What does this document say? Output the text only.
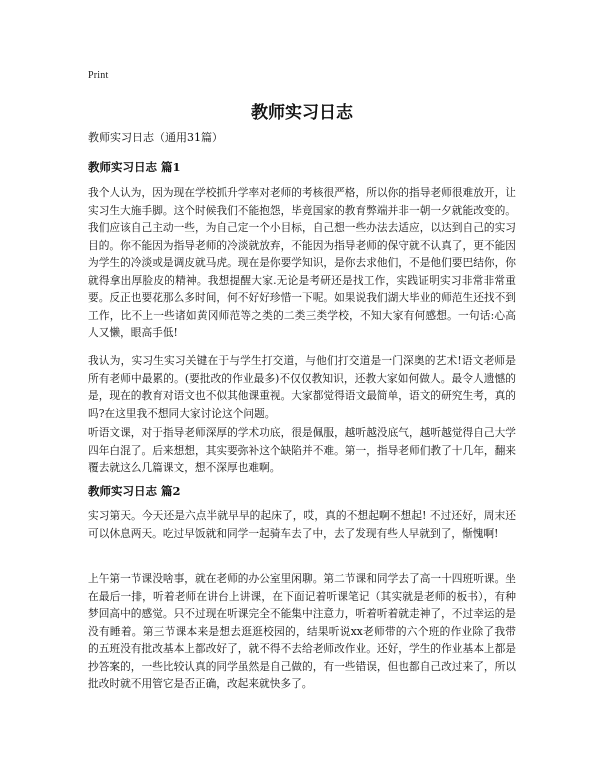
Print
教师实习日志
教师实习日志（通用31篇）
教师实习日志 篇1

我个人认为，因为现在学校抓升学率对老师的考核很严格，所以你的指导老师很难放开，让实习生大施手脚。这个时候我们不能抱怨，毕竟国家的教育弊端并非一朝一夕就能改变的。我们应该自己主动一些，为自己定一个小目标，自己想一些办法去适应，以达到自己的实习目的。你不能因为指导老师的冷淡就放弃，不能因为指导老师的保守就不认真了，更不能因为学生的冷淡或是调皮就马虎。现在是你要学知识，是你去求他们，不是他们要巴结你，你就得拿出厚脸皮的精神。我想提醒大家.无论是考研还是找工作，实践证明实习非常非常重要。反正也要花那么多时间，何不好好珍惜一下呢。如果说我们湖大毕业的师范生还找不到工作，比不上一些诸如黄冈师范等之类的二类三类学校，不知大家有何感想。一句话:心高人又懒，眼高手低!

我认为，实习生实习关键在于与学生打交道，与他们打交道是一门深奥的艺术!语文老师是所有老师中最累的。(要批改的作业最多)不仅仅教知识，还教大家如何做人。最令人遗憾的是，现在的教育对语文也不似其他课重视。大家都觉得语文最简单，语文的研究生考，真的吗?在这里我不想同大家讨论这个问题。

听语文课，对于指导老师深厚的学术功底，很是佩服，越听越没底气，越听越觉得自己大学四年白混了。后来想想，其实要弥补这个缺陷并不难。第一，指导老师们教了十几年，翻来覆去就这么几篇课文，想不深厚也难啊。

教师实习日志 篇2

实习第天。今天还是六点半就早早的起床了，哎，真的不想起啊不想起! 不过还好，周末还可以休息两天。吃过早饭就和同学一起骑车去了中，去了发现有些人早就到了，惭愧啊!

上午第一节课没啥事，就在老师的办公室里闲聊。第二节课和同学去了高一十四班听课。坐在最后一排，听着老师在讲台上讲课，在下面记着听课笔记（其实就是老师的板书），有种梦回高中的感觉。只不过现在听课完全不能集中注意力，听着听着就走神了，不过幸运的是没有睡着。第三节课本来是想去逛逛校园的，结果听说xx老师带的六个班的作业除了我带的五班没有批改基本上都改好了，就不得不去给老师改作业。还好，学生的作业基本上都是抄答案的，一些比较认真的同学虽然是自己做的，有一些错误，但也都自己改过来了，所以批改时就不用管它是否正确，改起来就快多了。
